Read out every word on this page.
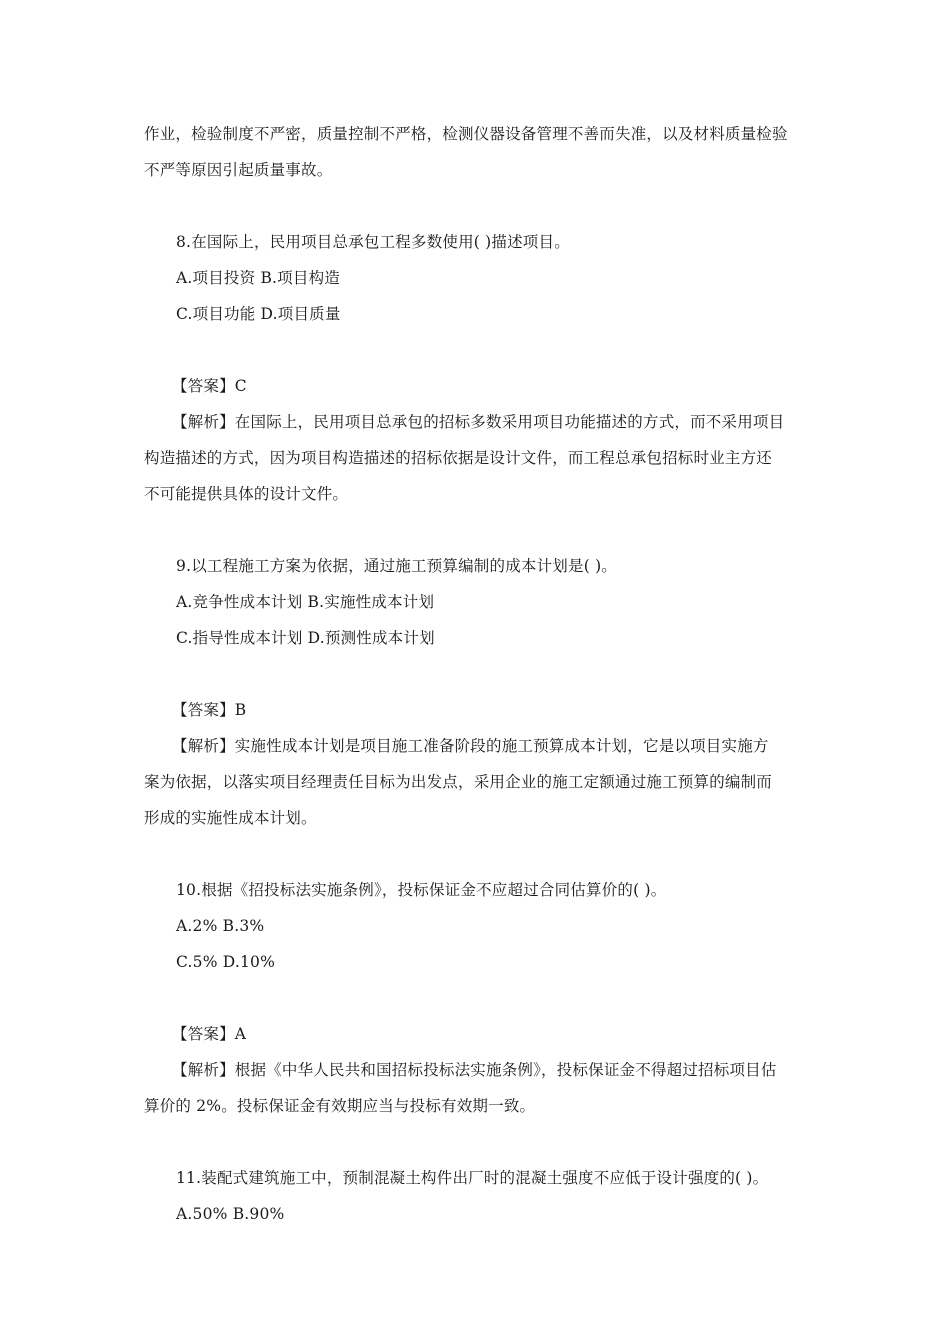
作业，检验制度不严密，质量控制不严格，检测仪器设备管理不善而失准，以及材料质量检验
不严等原因引起质量事故。
8.在国际上，民用项目总承包工程多数使用( )描述项目。
A.项目投资 B.项目构造
C.项目功能 D.项目质量
【答案】C
【解析】在国际上，民用项目总承包的招标多数采用项目功能描述的方式，而不采用项目
构造描述的方式，因为项目构造描述的招标依据是设计文件，而工程总承包招标时业主方还
不可能提供具体的设计文件。
9.以工程施工方案为依据，通过施工预算编制的成本计划是( )。
A.竞争性成本计划 B.实施性成本计划
C.指导性成本计划 D.预测性成本计划
【答案】B
【解析】实施性成本计划是项目施工准备阶段的施工预算成本计划，它是以项目实施方
案为依据，以落实项目经理责任目标为出发点，采用企业的施工定额通过施工预算的编制而
形成的实施性成本计划。
10.根据《招投标法实施条例》，投标保证金不应超过合同估算价的( )。
A.2% B.3%
C.5% D.10%
【答案】A
【解析】根据《中华人民共和国招标投标法实施条例》，投标保证金不得超过招标项目估
算价的 2%。投标保证金有效期应当与投标有效期一致。
11.装配式建筑施工中，预制混凝土构件出厂时的混凝土强度不应低于设计强度的( )。
A.50% B.90%
